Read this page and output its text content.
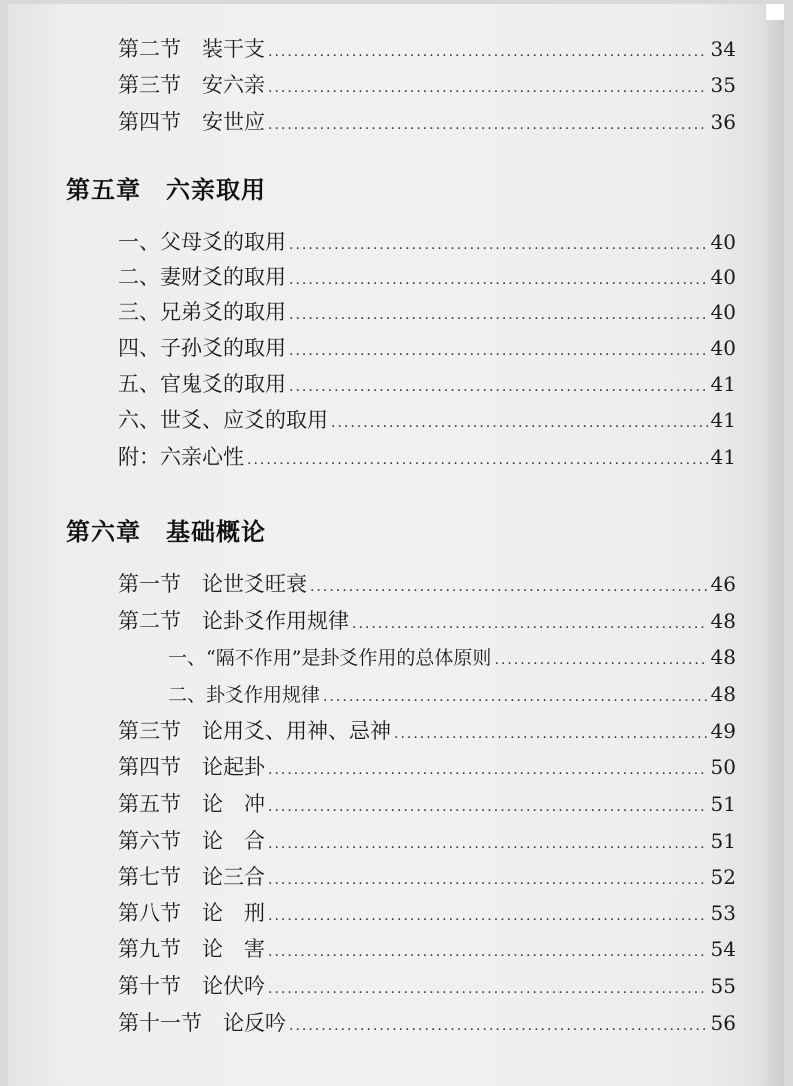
第二节　装干支 .....	34
第三节　安六亲 .....	35
第四节　安世应 .....	36
第五章　六亲取用
一、父母爻的取用 .....	40
二、妻财爻的取用 .....	40
三、兄弟爻的取用 .....	40
四、子孙爻的取用 .....	40
五、官鬼爻的取用 .....	41
六、世爻、应爻的取用 .....	41
附：六亲心性 .....	41
第六章　基础概论
第一节　论世爻旺衰 .....	46
第二节　论卦爻作用规律 .....	48
一、“隔不作用”是卦爻作用的总体原则 .....	48
二、卦爻作用规律 .....	48
第三节　论用爻、用神、忌神 .....	49
第四节　论起卦 .....	50
第五节　论　冲 .....	51
第六节　论　合 .....	51
第七节　论三合 .....	52
第八节　论　刑 .....	53
第九节　论　害 .....	54
第十节　论伏吟 .....	55
第十一节　论反吟 .....	56
